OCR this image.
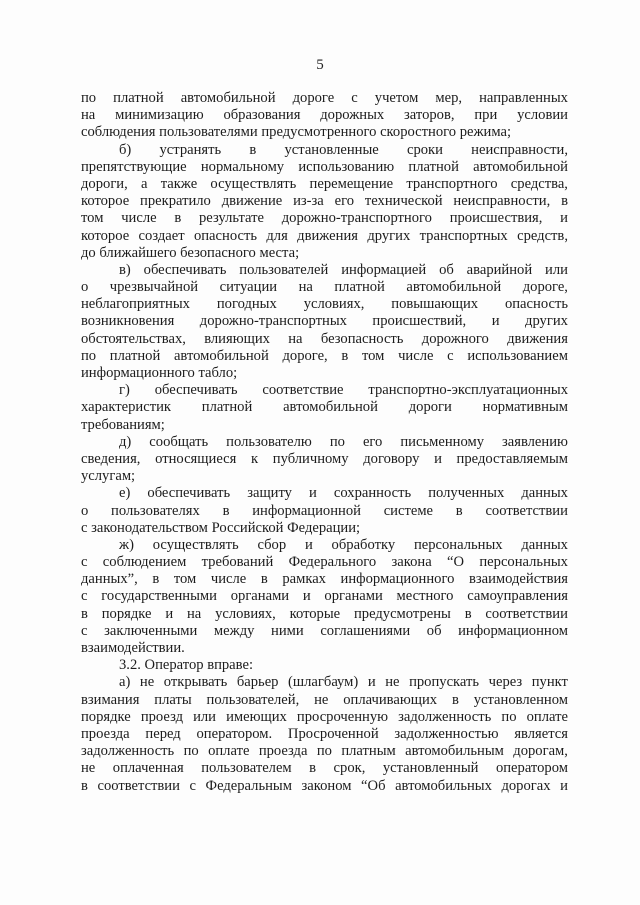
5
по платной автомобильной дороге с учетом мер, направленных
на минимизацию образования дорожных заторов, при условии
соблюдения пользователями предусмотренного скоростного режима;
б) устранять в установленные сроки неисправности,
препятствующие нормальному использованию платной автомобильной
дороги, а также осуществлять перемещение транспортного средства,
которое прекратило движение из-за его технической неисправности, в
том числе в результате дорожно-транспортного происшествия, и
которое создает опасность для движения других транспортных средств,
до ближайшего безопасного места;
в) обеспечивать пользователей информацией об аварийной или
о чрезвычайной ситуации на платной автомобильной дороге,
неблагоприятных погодных условиях, повышающих опасность
возникновения дорожно-транспортных происшествий, и других
обстоятельствах, влияющих на безопасность дорожного движения
по платной автомобильной дороге, в том числе с использованием
информационного табло;
г) обеспечивать соответствие транспортно-эксплуатационных
характеристик платной автомобильной дороги нормативным
требованиям;
д) сообщать пользователю по его письменному заявлению
сведения, относящиеся к публичному договору и предоставляемым
услугам;
е) обеспечивать защиту и сохранность полученных данных
о пользователях в информационной системе в соответствии
с законодательством Российской Федерации;
ж) осуществлять сбор и обработку персональных данных
с соблюдением требований Федерального закона “О персональных
данных”, в том числе в рамках информационного взаимодействия
с государственными органами и органами местного самоуправления
в порядке и на условиях, которые предусмотрены в соответствии
с заключенными между ними соглашениями об информационном
взаимодействии.
3.2. Оператор вправе:
а) не открывать барьер (шлагбаум) и не пропускать через пункт
взимания платы пользователей, не оплачивающих в установленном
порядке проезд или имеющих просроченную задолженность по оплате
проезда перед оператором. Просроченной задолженностью является
задолженность по оплате проезда по платным автомобильным дорогам,
не оплаченная пользователем в срок, установленный оператором
в соответствии с Федеральным законом “Об автомобильных дорогах и
